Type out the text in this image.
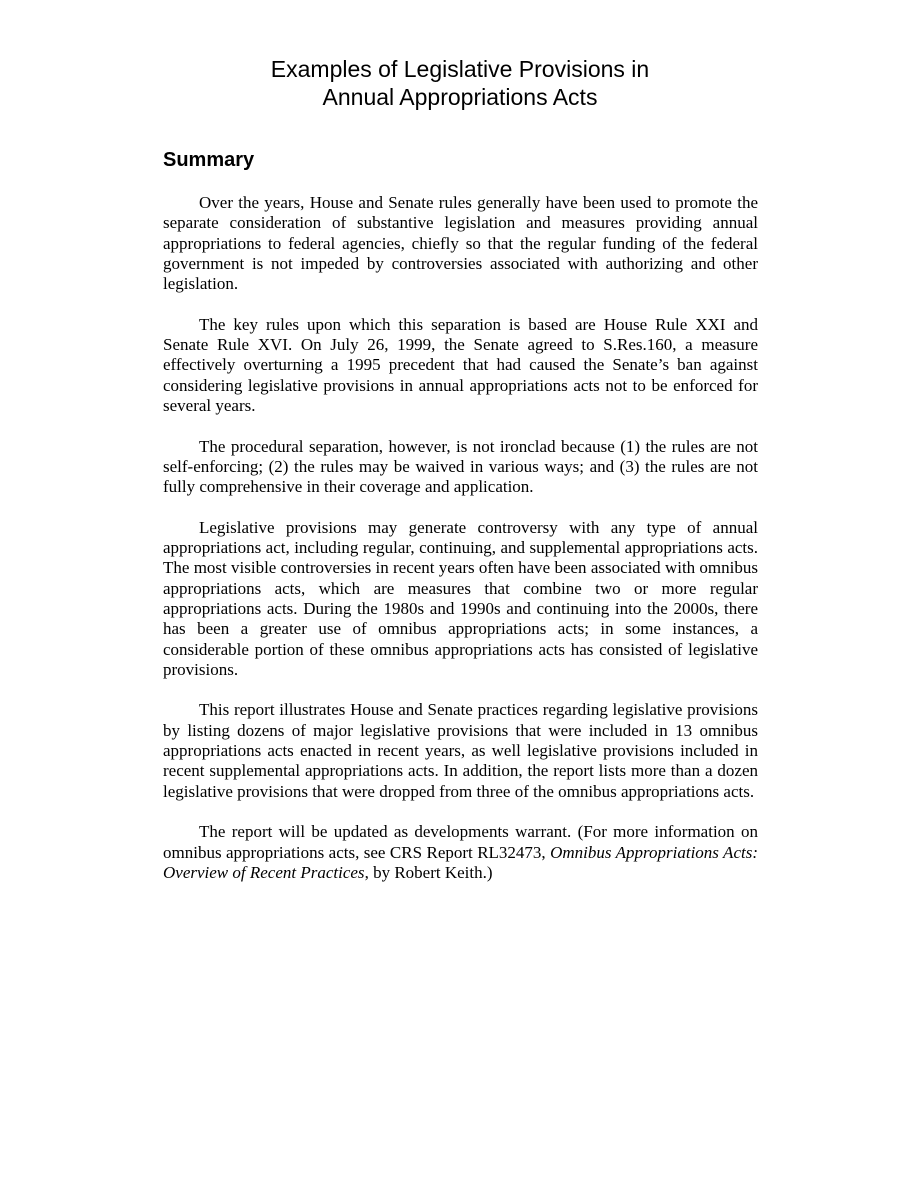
Examples of Legislative Provisions in
Annual Appropriations Acts
Summary

Over the years, House and Senate rules generally have been used to promote the separate consideration of substantive legislation and measures providing annual appropriations to federal agencies, chiefly so that the regular funding of the federal government is not impeded by controversies associated with authorizing and other legislation.

The key rules upon which this separation is based are House Rule XXI and Senate Rule XVI. On July 26, 1999, the Senate agreed to S.Res.160, a measure effectively overturning a 1995 precedent that had caused the Senate’s ban against considering legislative provisions in annual appropriations acts not to be enforced for several years.

The procedural separation, however, is not ironclad because (1) the rules are not self-enforcing; (2) the rules may be waived in various ways; and (3) the rules are not fully comprehensive in their coverage and application.

Legislative provisions may generate controversy with any type of annual appropriations act, including regular, continuing, and supplemental appropriations acts. The most visible controversies in recent years often have been associated with omnibus appropriations acts, which are measures that combine two or more regular appropriations acts. During the 1980s and 1990s and continuing into the 2000s, there has been a greater use of omnibus appropriations acts; in some instances, a considerable portion of these omnibus appropriations acts has consisted of legislative provisions.

This report illustrates House and Senate practices regarding legislative provisions by listing dozens of major legislative provisions that were included in 13 omnibus appropriations acts enacted in recent years, as well legislative provisions included in recent supplemental appropriations acts. In addition, the report lists more than a dozen legislative provisions that were dropped from three of the omnibus appropriations acts.

The report will be updated as developments warrant. (For more information on omnibus appropriations acts, see CRS Report RL32473, Omnibus Appropriations Acts: Overview of Recent Practices, by Robert Keith.)
